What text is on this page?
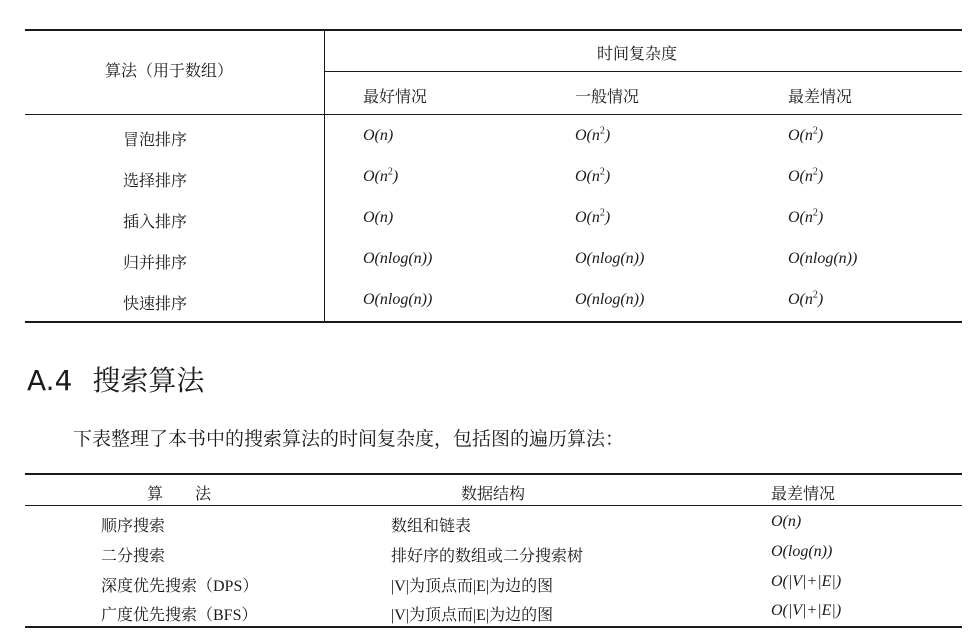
算法（用于数组）
时间复杂度
最好情况	一般情况	最差情况
冒泡排序	O(n)	$O(n^2)$	$O(n^2)$
选择排序	$O(n^2)$	$O(n^2)$	$O(n^2)$
插入排序	O(n)	$O(n^2)$	$O(n^2)$
归并排序	O(nlog(n))	O(nlog(n))	O(nlog(n))
快速排序	O(nlog(n))	O(nlog(n))	$O(n^2)$
A.4 搜索算法
下表整理了本书中的搜索算法的时间复杂度，包括图的遍历算法：
算　　法	数据结构	最差情况
顺序搜索	数组和链表	O(n)
二分搜索	排好序的数组或二分搜索树	O(log(n))
深度优先搜索（DPS）	|V|为顶点而|E|为边的图	O(|V|+|E|)
广度优先搜索（BFS）	|V|为顶点而|E|为边的图	O(|V|+|E|)
